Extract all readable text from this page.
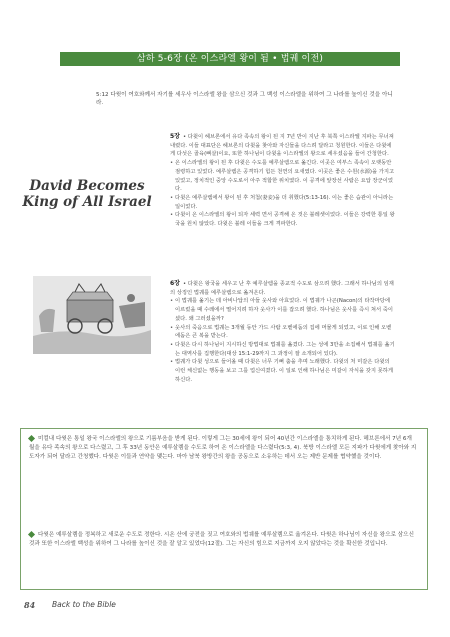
삼하 5-6장 (온 이스라엘 왕이 됨 • 법궤 이전)
5:12 다윗이 여호와께서 자기를 세우사 이스라엘 왕을 삼으신 것과 그 백성 이스라엘을 위하여 그 나라를 높이신 것을 아니라.
David Becomes
King of All Israel

5장 • 다윗이 헤브론에서 유다 족속의 왕이 된 지 7년 반이 지난 후 북쪽 이스라엘 지파는 무너져 내렸다. 이들 대표단은 헤브론의 다윗을 찾아와 자신들을 다스려 달라고 청원한다. 이들은 다윗에게 다섯은 골육(뼈살)이요, 또한 하나님이 다윗을 이스라엘의 왕으로 세우셨음을 들어 간청한다.

• 온 이스라엘의 왕이 된 후 다윗은 수도를 예루살렘으로 옮긴다. 이곳은 여부스 족속이 오랫동안 점령하고 있었다. 예루살렘은 공격하기 힘든 천연의 요새였다. 이곳은 좋은 수원(水源)을 가지고 있었고, 정치적인 중앙 수도로서 아주 적합한 위치였다. 이 공격에 앞장선 사람은 요압 장군이었다.
• 다윗은 예루살렘에서 왕이 된 후 처첩(妻妾)을 더 취했다(5:13-16). 이는 좋은 습관이 아니라는 일이었다.
• 다윗이 온 이스라엘의 왕이 되자 세력 면서 공격해 온 것은 블레셋이었다. 이들은 강력한 통일 왕국을 원치 않았다. 다윗은 블레 이들을 크게 격파한다.

6장 • 다윗은 왕국을 세우고 난 후 예루살렘을 종교적 수도로 삼으려 했다. 그래서 하나님의 임재의 상징인 법궤를 예루살렘으로 옮겨온다.

• 이 법궤를 옮기는 데 아비나답의 아들 웃사와 아효었다. 이 법궤가 나곤(Nacon)의 타작마당에 이르렀을 때 수레에서 떨어지려 하자 웃사가 이를 잡으려 했다. 하나님은 웃사를 즉시 쳐서 죽이셨다. 왜 그러셨을까?
• 웃사의 죽음으로 법궤는 3개월 동안 가드 사람 오벧에돔의 집에 머물게 되었고, 이로 인해 오벧에돔은 큰 복을 받는다.
• 다윗은 다시 하나님이 지시하신 방법대로 법궤를 옮겼다. 그는 성에 3만을 소집해서 법궤를 옮기는 대역사를 집행한다(대상 15:1-29까지 그 과정이 잘 소개되어 있다).
• 법궤가 다윗 성으로 들어올 때 다윗은 너무 기뻐 춤을 추며 노래했다. 다윗의 처 미갈은 다윗의 이런 체신없는 행동을 보고 그를 업신여겼다. 이 일로 인해 하나님은 미갈이 자식을 갖지 못하게 하신다.
미컬내 다윗은 통일 왕국 이스라엘의 왕으로 기름부음을 받게 된다. 이렇게 그는 30세에 왕이 되어 40년간 이스라엘을 통치하게 된다. 헤브론에서 7년 6개월을 유다 족속의 왕으로 다스렸고, 그 후 33년 동안은 예루살렘을 수도로 하여 온 이스라엘을 다스렸다(5:3, 4). 북방 이스라엘 모든 지파가 다윗에게 찾아와 지도자가 되어 달라고 간청했다. 다윗은 이들과 연약을 맺는다. 마아 남북 왕방간의 왕을 공동으로 소유하는 데서 오는 제반 문제를 협약했을 것이다.
다윗은 예루살렘을 정복하고 새로운 수도로 정한다. 시온 산에 궁전을 짓고 여호와의 법궤를 예루살렘으로 옮겨온다. 다윗은 하나님이 자신을 왕으로 삼으신 것과 또한 이스라엘 백성을 위하여 그 나라를 높이신 것을 잘 알고 있었다(12절). 그는 자신의 힘으로 지금까지 오지 않았다는 것을 확신한 것입니다.
84 Back to the Bible
